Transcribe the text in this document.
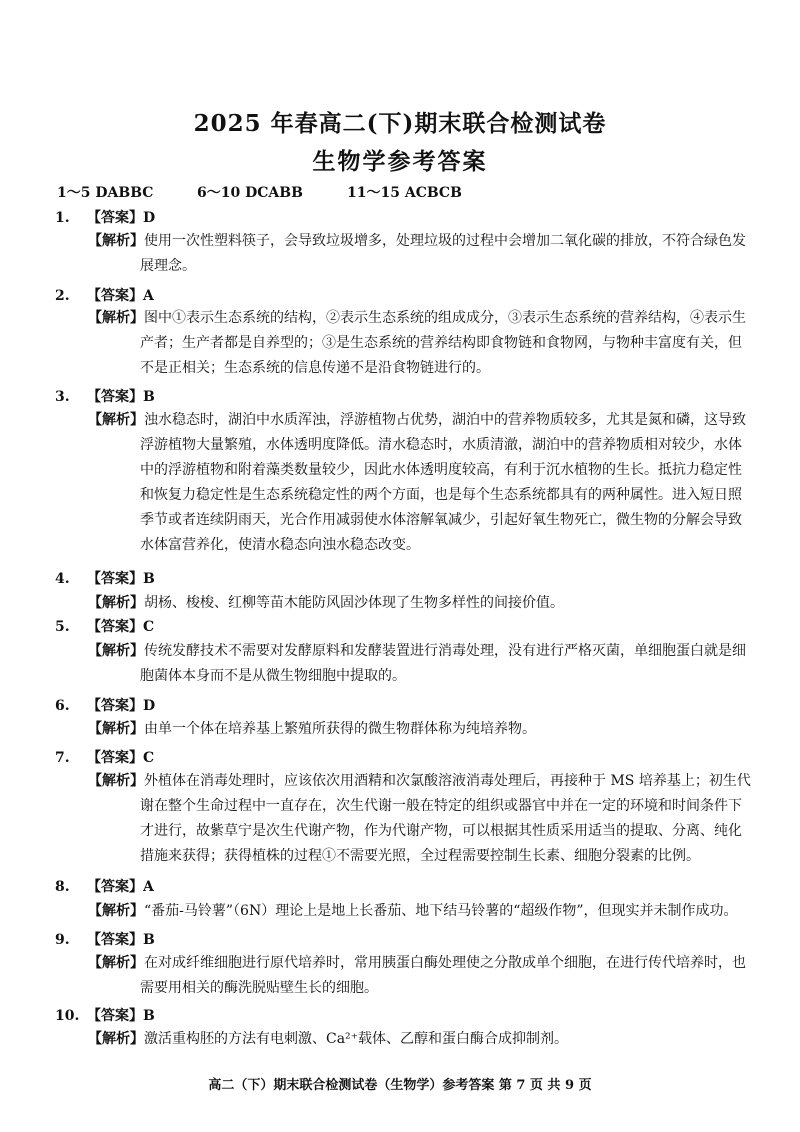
2025 年春高二(下)期末联合检测试卷
生物学参考答案
1～5 DABBC	6～10 DCABB	11～15 ACBCB
1. 【答案】D
【解析】使用一次性塑料筷子，会导致垃圾增多，处理垃圾的过程中会增加二氧化碳的排放，不符合绿色发
展理念。
2. 【答案】A
【解析】图中①表示生态系统的结构，②表示生态系统的组成成分，③表示生态系统的营养结构，④表示生
产者；生产者都是自养型的；③是生态系统的营养结构即食物链和食物网，与物种丰富度有关，但
不是正相关；生态系统的信息传递不是沿食物链进行的。
3. 【答案】B
【解析】浊水稳态时，湖泊中水质浑浊，浮游植物占优势，湖泊中的营养物质较多，尤其是氮和磷，这导致
浮游植物大量繁殖，水体透明度降低。清水稳态时，水质清澈，湖泊中的营养物质相对较少，水体
中的浮游植物和附着藻类数量较少，因此水体透明度较高，有利于沉水植物的生长。抵抗力稳定性
和恢复力稳定性是生态系统稳定性的两个方面，也是每个生态系统都具有的两种属性。进入短日照
季节或者连续阴雨天，光合作用减弱使水体溶解氧减少，引起好氧生物死亡，微生物的分解会导致
水体富营养化，使清水稳态向浊水稳态改变。
4. 【答案】B
【解析】胡杨、梭梭、红柳等苗木能防风固沙体现了生物多样性的间接价值。
5. 【答案】C
【解析】传统发酵技术不需要对发酵原料和发酵装置进行消毒处理，没有进行严格灭菌，单细胞蛋白就是细
胞菌体本身而不是从微生物细胞中提取的。
6. 【答案】D
【解析】由单一个体在培养基上繁殖所获得的微生物群体称为纯培养物。
7. 【答案】C
【解析】外植体在消毒处理时，应该依次用酒精和次氯酸溶液消毒处理后，再接种于 MS 培养基上；初生代
谢在整个生命过程中一直存在，次生代谢一般在特定的组织或器官中并在一定的环境和时间条件下
才进行，故紫草宁是次生代谢产物，作为代谢产物，可以根据其性质采用适当的提取、分离、纯化
措施来获得；获得植株的过程①不需要光照，全过程需要控制生长素、细胞分裂素的比例。
8. 【答案】A
【解析】“番茄-马铃薯”（6N）理论上是地上长番茄、地下结马铃薯的“超级作物”，但现实并未制作成功。
9. 【答案】B
【解析】在对成纤维细胞进行原代培养时，常用胰蛋白酶处理使之分散成单个细胞，在进行传代培养时，也
需要用相关的酶洗脱贴壁生长的细胞。
10. 【答案】B
【解析】激活重构胚的方法有电刺激、Ca²⁺载体、乙醇和蛋白酶合成抑制剂。
高二（下）期末联合检测试卷（生物学）参考答案 第 7 页 共 9 页
